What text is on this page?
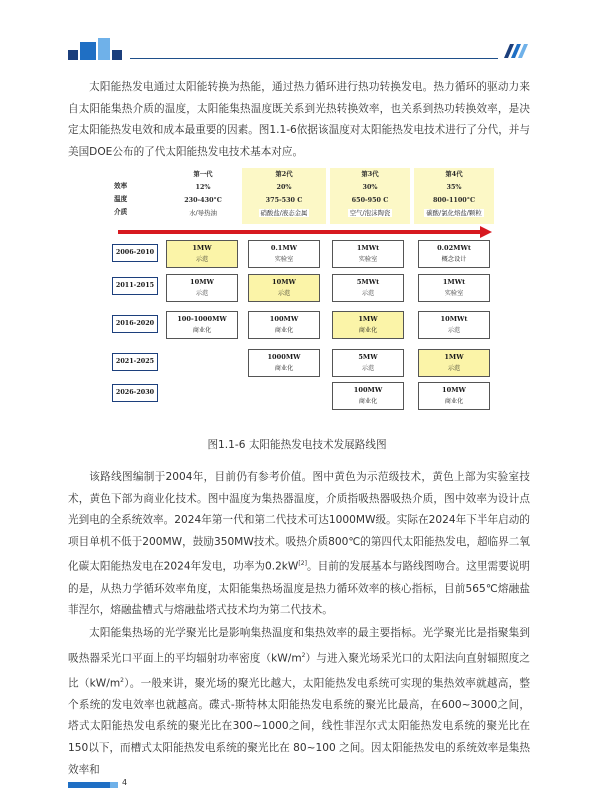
太阳能热发电通过太阳能转换为热能，通过热力循环进行热功转换发电。热力循环的驱动力来自太阳能集热介质的温度，太阳能集热温度既关系到光热转换效率，也关系到热功转换效率，是决定太阳能热发电效和成本最重要的因素。图1.1-6依据该温度对太阳能热发电技术进行了分代，并与美国DOE公布的了代太阳能热发电技术基本对应。

效率
温度
介质
第一代
12%
230-430°C
水/导热油
第2代
20%
375-530 C
硝酸盐/液态金属
第3代
30%
650-950 C
空气/泡沫陶瓷
第4代
35%
800-1100°C
碳酸/氯化熔盐/颗粒
2006-2010
2011-2015
2016-2020
2021-2025
2026-2030
1MW
示范
0.1MW
实验室
1MWt
实验室
0.02MWt
概念设计
10MW
示范
10MW
示范
5MWt
示范
1MWt
实验室
100-1000MW
商业化
100MW
商业化
1MW
商业化
10MWt
示范
1000MW
商业化
5MW
示范
1MW
示范
100MW
商业化
10MW
商业化
图1.1-6 太阳能热发电技术发展路线图

该路线图编制于2004年，目前仍有参考价值。图中黄色为示范级技术，黄色上部为实验室技术，黄色下部为商业化技术。图中温度为集热器温度，介质指吸热器吸热介质，图中效率为设计点光到电的全系统效率。2024年第一代和第二代技术可达1000MW级。实际在2024年下半年启动的项目单机不低于200MW，鼓励350MW技术。吸热介质800℃的第四代太阳能热发电，超临界二氧化碳太阳能热发电在2024年发电，功率为0.2kW[2]。目前的发展基本与路线图吻合。这里需要说明的是，从热力学循环效率角度，太阳能集热场温度是热力循环效率的核心指标，目前565℃熔融盐菲涅尔，熔融盐槽式与熔融盐塔式技术均为第二代技术。

太阳能集热场的光学聚光比是影响集热温度和集热效率的最主要指标。光学聚光比是指聚集到吸热器采光口平面上的平均辐射功率密度$(kW/m^2)$与进入聚光场采光口的太阳法向直射辐照度之比$(kW/m^2)$。一般来讲，聚光场的聚光比越大，太阳能热发电系统可实现的集热效率就越高，整个系统的发电效率也就越高。碟式-斯特林太阳能热发电系统的聚光比最高，在600~3000之间，塔式太阳能热发电系统的聚光比在300~1000之间，线性菲涅尔式太阳能热发电系统的聚光比在150以下，而槽式太阳能热发电系统的聚光比在 80~100 之间。因太阳能热发电的系统效率是集热效率和

4
